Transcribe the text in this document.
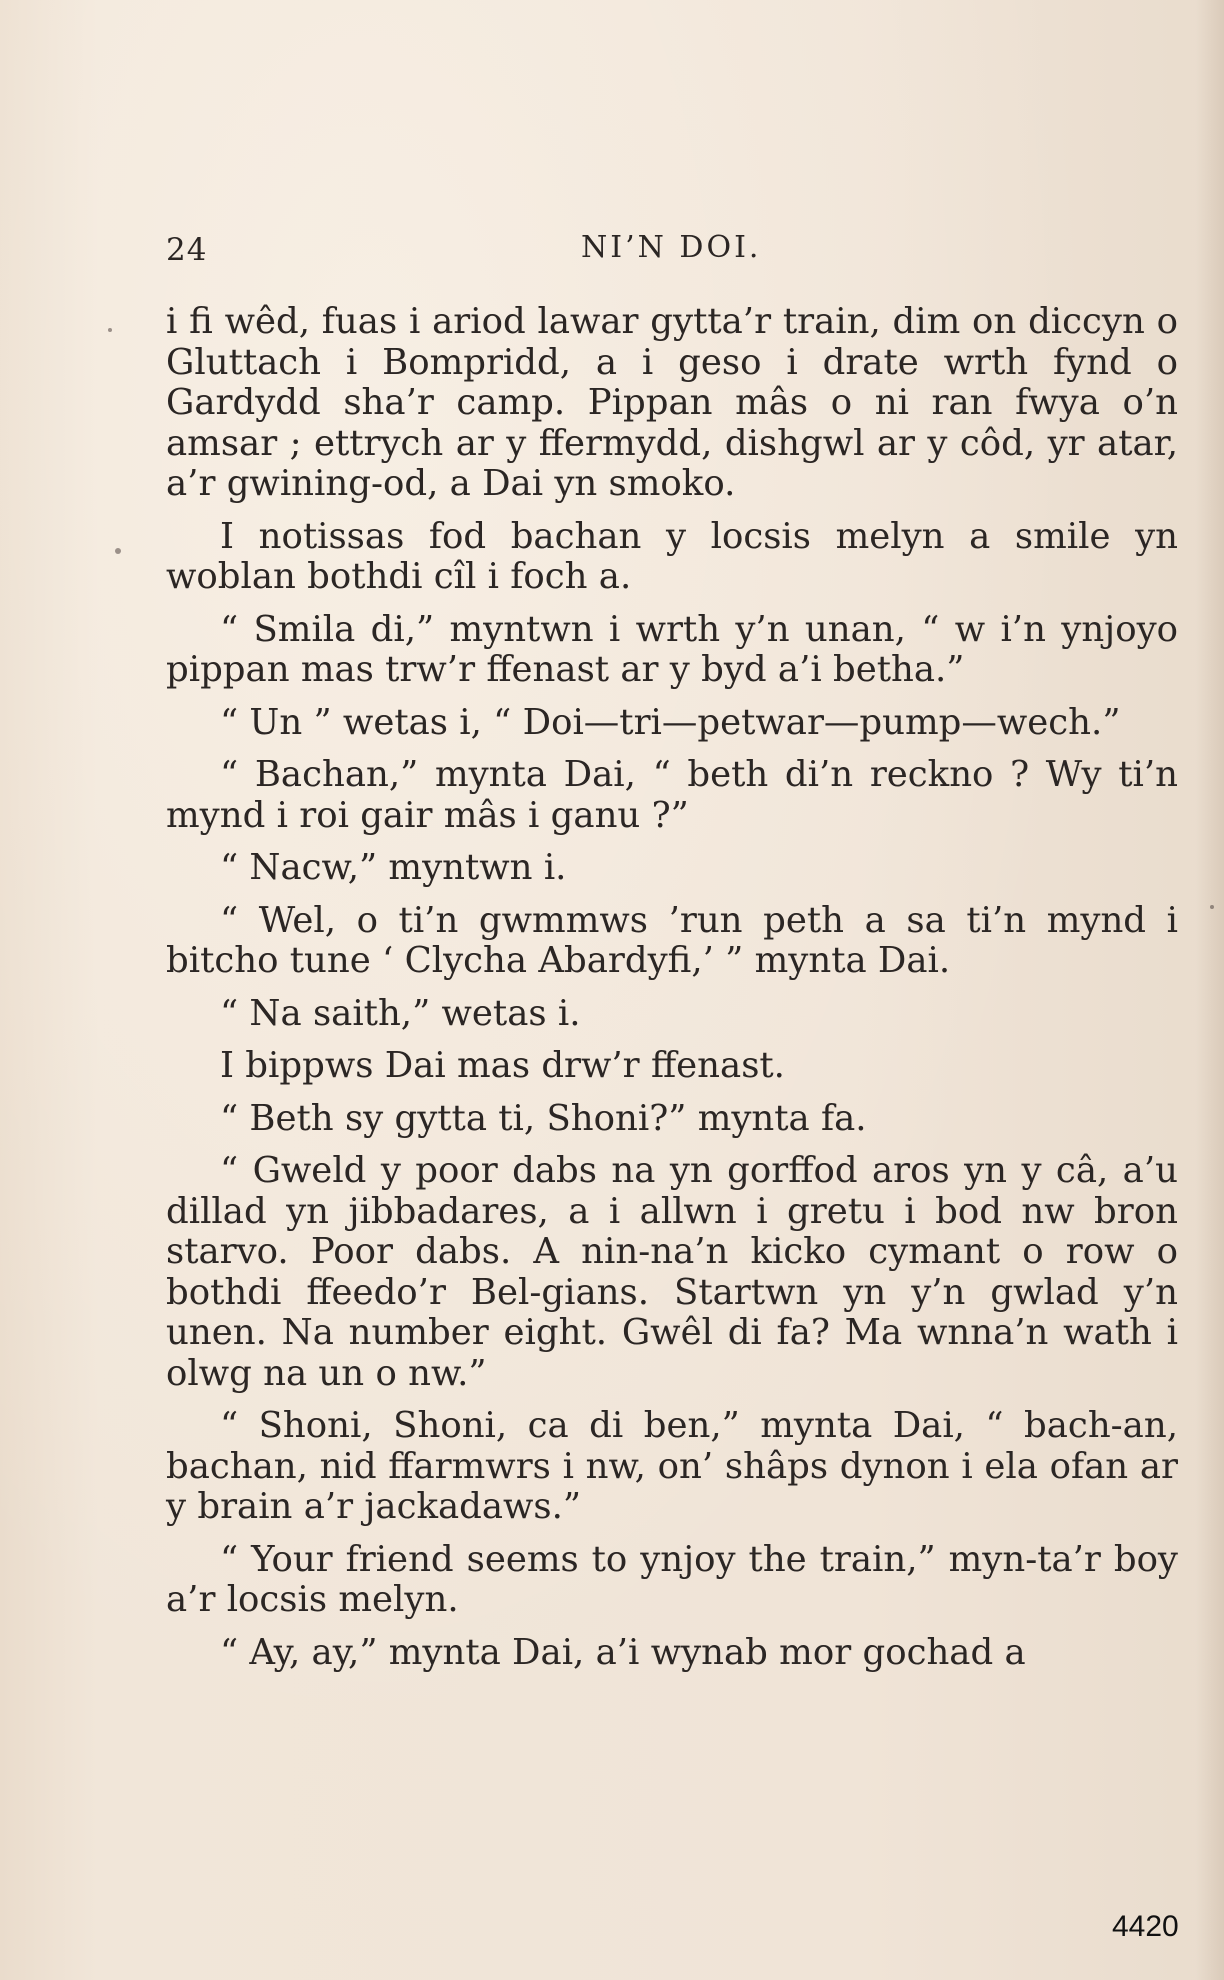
24	NI’N DOI.

i fi wêd, fuas i ariod lawar gytta’r train, dim on diccyn o Gluttach i Bompridd, a i geso i drate wrth fynd o Gardydd sha’r camp. Pippan mâs o ni ran fwya o’n amsar ; ettrych ar y ffermydd, dishgwl ar y côd, yr atar, a’r gwining-od, a Dai yn smoko.

I notissas fod bachan y locsis melyn a smile yn woblan bothdi cîl i foch a.

“ Smila di,” myntwn i wrth y’n unan, “ w i’n ynjoyo pippan mas trw’r ffenast ar y byd a’i betha.”

“ Un ” wetas i, “ Doi—tri—petwar—pump—wech.”

“ Bachan,” mynta Dai, “ beth di’n reckno ? Wy ti’n mynd i roi gair mâs i ganu ?”

“ Nacw,” myntwn i.

“ Wel, o ti’n gwmmws ’run peth a sa ti’n mynd i bitcho tune ‘ Clycha Abardyfi,’ ” mynta Dai.

“ Na saith,” wetas i.

I bippws Dai mas drw’r ffenast.

“ Beth sy gytta ti, Shoni?” mynta fa.

“ Gweld y poor dabs na yn gorffod aros yn y câ, a’u dillad yn jibbadares, a i allwn i gretu i bod nw bron starvo. Poor dabs. A nin-na’n kicko cymant o row o bothdi ffeedo’r Bel-gians. Startwn yn y’n gwlad y’n unen. Na number eight. Gwêl di fa? Ma wnna’n wath i olwg na un o nw.”

“ Shoni, Shoni, ca di ben,” mynta Dai, “ bach-an, bachan, nid ffarmwrs i nw, on’ shâps dynon i ela ofan ar y brain a’r jackadaws.”

“ Your friend seems to ynjoy the train,” myn-ta’r boy a’r locsis melyn.

“ Ay, ay,” mynta Dai, a’i wynab mor gochad a

4420
